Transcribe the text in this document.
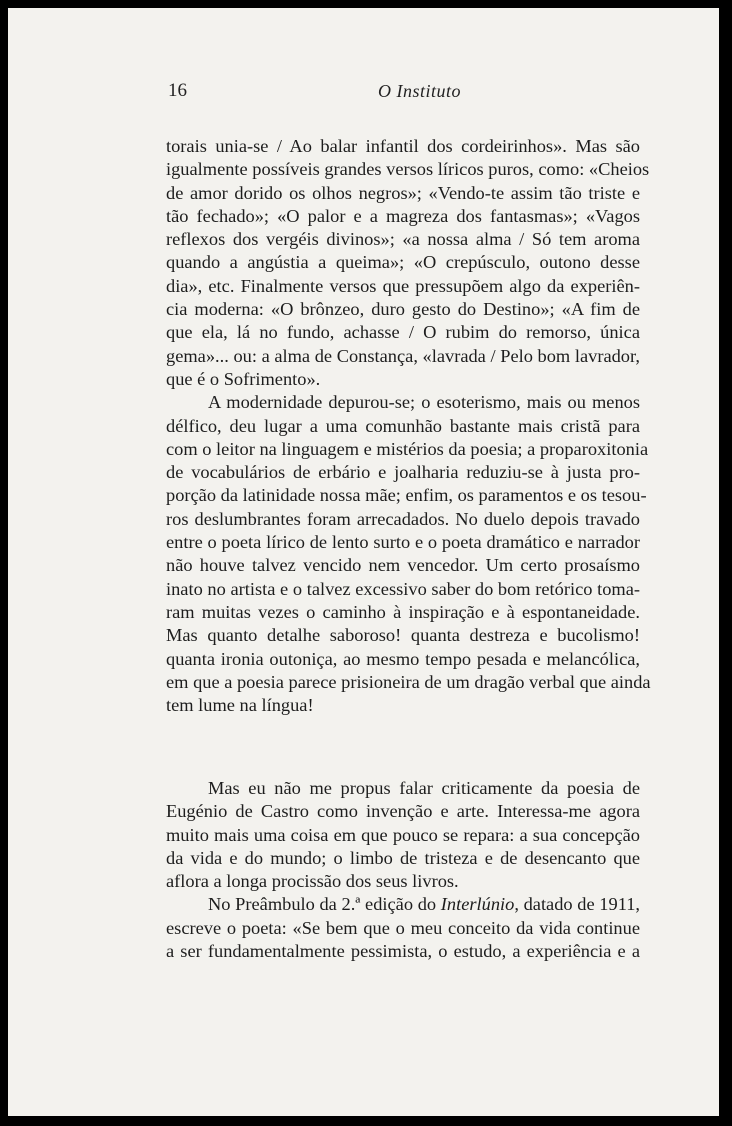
16	O Instituto
torais unia-se / Ao balar infantil dos cordeirinhos». Mas são
igualmente possíveis grandes versos líricos puros, como: «Cheios
de amor dorido os olhos negros»; «Vendo-te assim tão triste e
tão fechado»; «O palor e a magreza dos fantasmas»; «Vagos
reflexos dos vergéis divinos»; «a nossa alma / Só tem aroma
quando a angústia a queima»; «O crepúsculo, outono desse
dia», etc. Finalmente versos que pressupõem algo da experiên-
cia moderna: «O brônzeo, duro gesto do Destino»; «A fim de
que ela, lá no fundo, achasse / O rubim do remorso, única
gema»... ou: a alma de Constança, «lavrada / Pelo bom lavrador,
que é o Sofrimento».
A modernidade depurou-se; o esoterismo, mais ou menos
délfico, deu lugar a uma comunhão bastante mais cristã para
com o leitor na linguagem e mistérios da poesia; a proparoxitonia
de vocabulários de erbário e joalharia reduziu-se à justa pro-
porção da latinidade nossa mãe; enfim, os paramentos e os tesou-
ros deslumbrantes foram arrecadados. No duelo depois travado
entre o poeta lírico de lento surto e o poeta dramático e narrador
não houve talvez vencido nem vencedor. Um certo prosaísmo
inato no artista e o talvez excessivo saber do bom retórico toma-
ram muitas vezes o caminho à inspiração e à espontaneidade.
Mas quanto detalhe saboroso! quanta destreza e bucolismo!
quanta ironia outoniça, ao mesmo tempo pesada e melancólica,
em que a poesia parece prisioneira de um dragão verbal que ainda
tem lume na língua!
Mas eu não me propus falar criticamente da poesia de
Eugénio de Castro como invenção e arte. Interessa-me agora
muito mais uma coisa em que pouco se repara: a sua concepção
da vida e do mundo; o limbo de tristeza e de desencanto que
aflora a longa procissão dos seus livros.
No Preâmbulo da 2.ª edição do Interlúnio, datado de 1911,
escreve o poeta: «Se bem que o meu conceito da vida continue
a ser fundamentalmente pessimista, o estudo, a experiência e a
